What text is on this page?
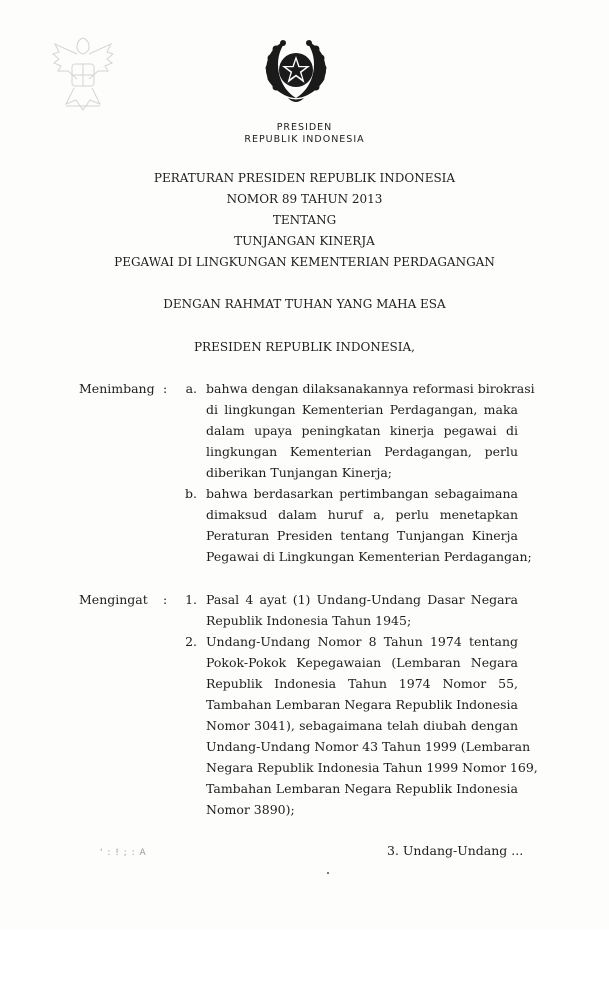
PRESIDEN
REPUBLIK INDONESIA
PERATURAN PRESIDEN REPUBLIK INDONESIA
NOMOR 89 TAHUN 2013
TENTANG
TUNJANGAN KINERJA
PEGAWAI DI LINGKUNGAN KEMENTERIAN PERDAGANGAN
DENGAN RAHMAT TUHAN YANG MAHA ESA
PRESIDEN REPUBLIK INDONESIA,
Menimbang :	a. bahwa dengan dilaksanakannya reformasi birokrasi
di lingkungan Kementerian Perdagangan, maka
dalam upaya peningkatan kinerja pegawai di
lingkungan Kementerian Perdagangan, perlu
diberikan Tunjangan Kinerja;
b. bahwa berdasarkan pertimbangan sebagaimana
dimaksud dalam huruf a, perlu menetapkan
Peraturan Presiden tentang Tunjangan Kinerja
Pegawai di Lingkungan Kementerian Perdagangan;
Mengingat :	1. Pasal 4 ayat (1) Undang-Undang Dasar Negara
Republik Indonesia Tahun 1945;
2. Undang-Undang Nomor 8 Tahun 1974 tentang
Pokok-Pokok Kepegawaian (Lembaran Negara
Republik Indonesia Tahun 1974 Nomor 55,
Tambahan Lembaran Negara Republik Indonesia
Nomor 3041), sebagaimana telah diubah dengan
Undang-Undang Nomor 43 Tahun 1999 (Lembaran
Negara Republik Indonesia Tahun 1999 Nomor 169,
Tambahan Lembaran Negara Republik Indonesia
Nomor 3890);
' : ! ; : A	3. Undang-Undang ...
